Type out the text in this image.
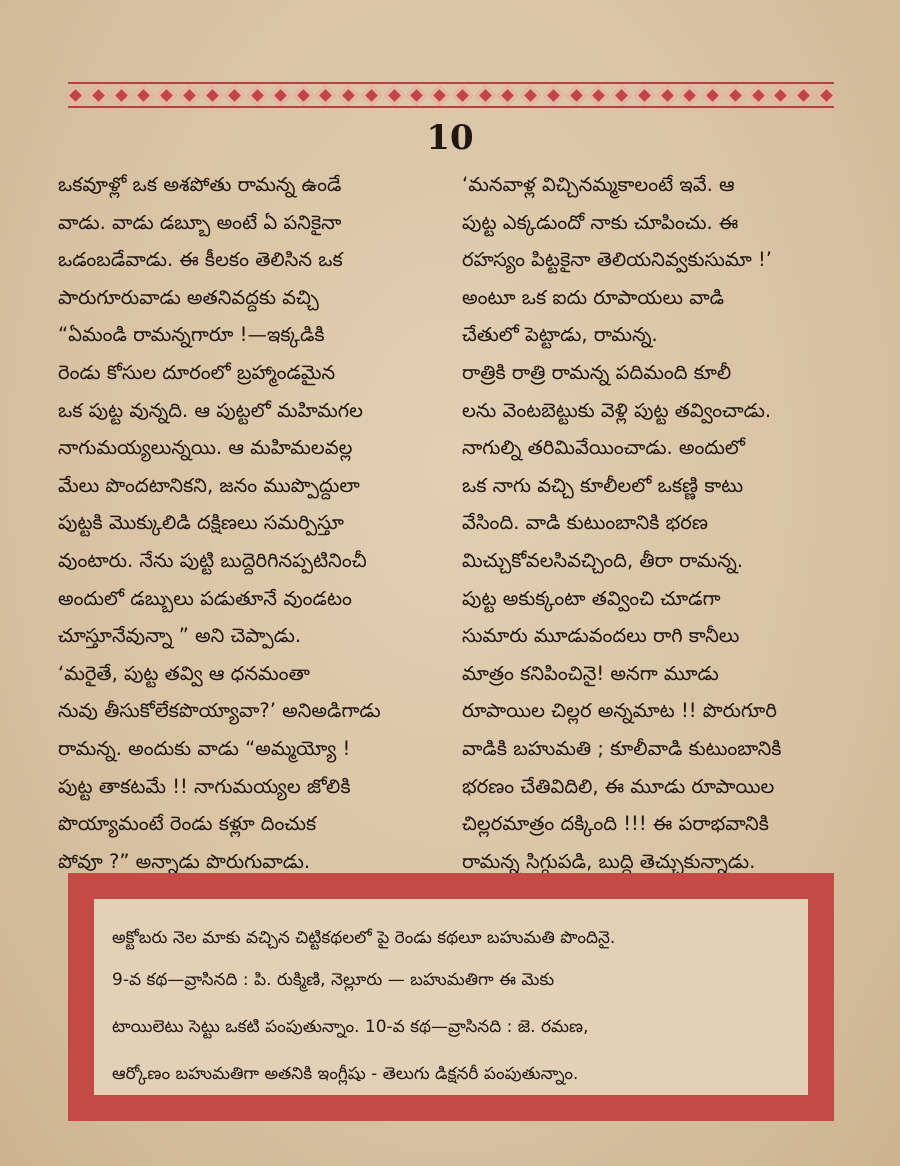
10

ఒకవూళ్లో ఒక అశపోతు రామన్న ఉండే

వాడు. వాడు డబ్బూ అంటే ఏ పనికైనా

ఒడంబడేవాడు. ఈ కీలకం తెలిసిన ఒక

పారుగూరువాడు అతనివద్దకు వచ్చి

“ఏమండి రామన్నగారూ !—ఇక్కడికి

రెండు కోసుల దూరంలో బ్రహ్మాండమైన

ఒక పుట్ట వున్నది. ఆ పుట్టలో మహిమగల

నాగుమయ్యలున్నయి. ఆ మహిమలవల్ల

మేలు పొందటానికని, జనం ముప్పొద్దులా

పుట్టకి మొక్కులిడి దక్షిణలు సమర్పిస్తూ

వుంటారు. నేను పుట్టి బుద్దెరిగినప్పటినించీ

అందులో డబ్బులు పడుతూనే వుండటం

చూస్తూనేవున్నా ” అని చెప్పాడు.

‘మరైతే, పుట్ట తవ్వి ఆ ధనమంతా

నువు తీసుకోలేకపొయ్యావా?’ అనిఅడిగాడు

రామన్న. అందుకు వాడు “అమ్మయ్యో !

పుట్ట తాకటమే !! నాగుమయ్యల జోలికి

పొయ్యామంటే రెండు కళ్లూ దించుక

పోవూ ?” అన్నాడు పొరుగువాడు.

‘మనవాళ్ల విచ్చినమ్మకాలంటే ఇవే. ఆ

పుట్ట ఎక్కడుందో నాకు చూపించు. ఈ

రహస్యం పిట్టకైనా తెలియనివ్వకుసుమా !’

అంటూ ఒక ఐదు రూపాయలు వాడి

చేతులో పెట్టాడు, రామన్న.

రాత్రికి రాత్రి రామన్న పదిమంది కూలీ

లను వెంటబెట్టుకు వెళ్లి పుట్ట తవ్వించాడు.

నాగుల్ని తరిమివేయించాడు. అందులో

ఒక నాగు వచ్చి కూలీలలో ఒకణ్ణి కాటు

వేసింది. వాడి కుటుంబానికి భరణ

మిచ్చుకోవలసివచ్చింది, తీరా రామన్న.

పుట్ట అకుక్కంటా తవ్వించి చూడగా

సుమారు మూడువందలు రాగి కానీలు

మాత్రం కనిపించినై! అనగా మూడు

రూపాయిల చిల్లర అన్నమాట !! పొరుగూరి

వాడికి బహుమతి ; కూలీవాడి కుటుంబానికి

భరణం చేతివిదిలి, ఈ మూడు రూపాయిల

చిల్లరమాత్రం దక్కింది !!! ఈ పరాభవానికి

రామన్న సిగ్గుపడి, బుద్ధి తెచ్చుకున్నాడు.

అక్టోబరు నెల మాకు వచ్చిన చిట్టికథలలో పై రెండు కథలూ బహుమతి పొందినై.

9-వ కథ—వ్రాసినది : పి. రుక్మిణి, నెల్లూరు — బహుమతిగా ఈ మెకు

టాయిలెటు సెట్టు ఒకటి పంపుతున్నాం. 10-వ కథ—వ్రాసినది : జె. రమణ,

ఆర్కోణం బహుమతిగా అతనికి ఇంగ్లీషు - తెలుగు డిక్షనరీ పంపుతున్నాం.
